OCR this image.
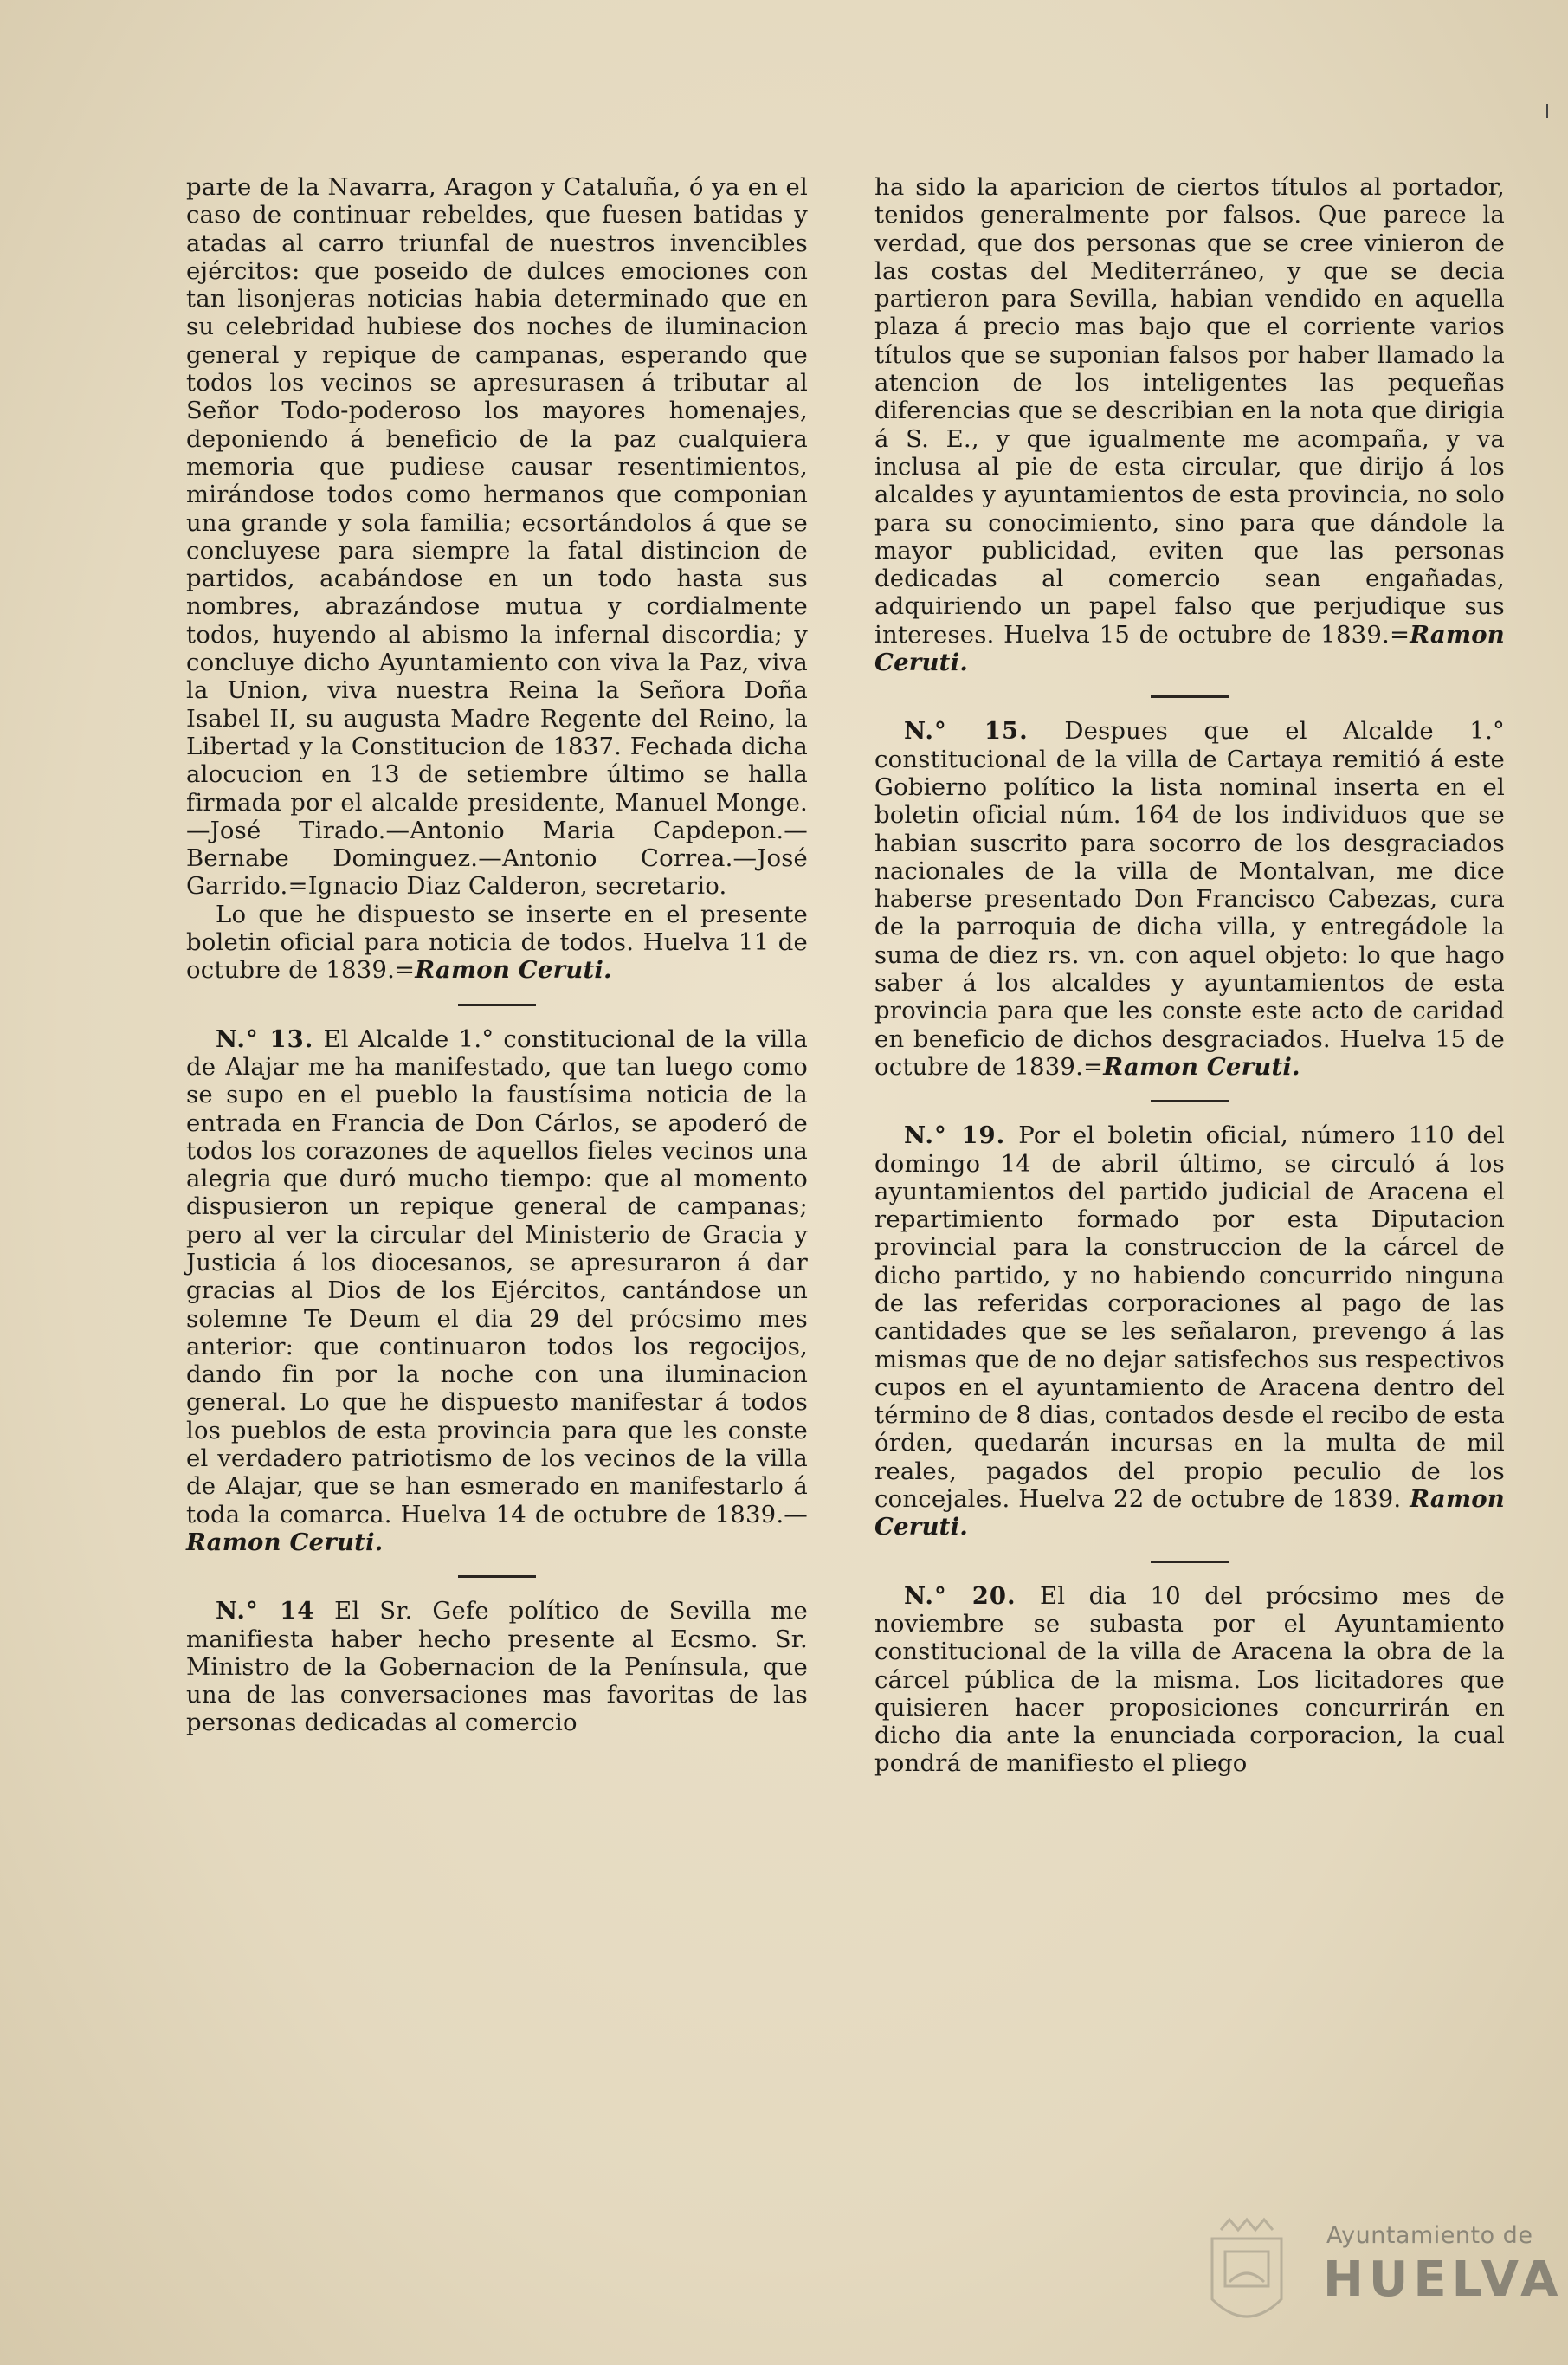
parte de la Navarra, Aragon y Cataluña, ó ya en el caso de continuar rebeldes, que fuesen batidas y atadas al carro triunfal de nuestros invencibles ejércitos: que poseido de dulces emociones con tan lisonjeras noticias habia determinado que en su celebridad hubiese dos noches de iluminacion general y repique de campanas, esperando que todos los vecinos se apresurasen á tributar al Señor Todo-poderoso los mayores homenajes, deponiendo á beneficio de la paz cualquiera memoria que pudiese causar resentimientos, mirándose todos como hermanos que componian una grande y sola familia; ecsortándolos á que se concluyese para siempre la fatal distincion de partidos, acabándose en un todo hasta sus nombres, abrazándose mutua y cordialmente todos, huyendo al abismo la infernal discordia; y concluye dicho Ayuntamiento con viva la Paz, viva la Union, viva nuestra Reina la Señora Doña Isabel II, su augusta Madre Regente del Reino, la Libertad y la Constitucion de 1837. Fechada dicha alocucion en 13 de setiembre último se halla firmada por el alcalde presidente, Manuel Monge.—José Tirado.—Antonio Maria Capdepon.—Bernabe Dominguez.—Antonio Correa.—José Garrido.=Ignacio Diaz Calderon, secretario.

Lo que he dispuesto se inserte en el presente boletin oficial para noticia de todos. Huelva 11 de octubre de 1839.=Ramon Ceruti.

N.° 13. El Alcalde 1.° constitucional de la villa de Alajar me ha manifestado, que tan luego como se supo en el pueblo la faustísima noticia de la entrada en Francia de Don Cárlos, se apoderó de todos los corazones de aquellos fieles vecinos una alegria que duró mucho tiempo: que al momento dispusieron un repique general de campanas; pero al ver la circular del Ministerio de Gracia y Justicia á los diocesanos, se apresuraron á dar gracias al Dios de los Ejércitos, cantándose un solemne Te Deum el dia 29 del prócsimo mes anterior: que continuaron todos los regocijos, dando fin por la noche con una iluminacion general. Lo que he dispuesto manifestar á todos los pueblos de esta provincia para que les conste el verdadero patriotismo de los vecinos de la villa de Alajar, que se han esmerado en manifestarlo á toda la comarca. Huelva 14 de octubre de 1839.—Ramon Ceruti.

N.° 14 El Sr. Gefe político de Sevilla me manifiesta haber hecho presente al Ecsmo. Sr. Ministro de la Gobernacion de la Península, que una de las conversaciones mas favoritas de las personas dedicadas al comercio

ha sido la aparicion de ciertos títulos al portador, tenidos generalmente por falsos. Que parece la verdad, que dos personas que se cree vinieron de las costas del Mediterráneo, y que se decia partieron para Sevilla, habian vendido en aquella plaza á precio mas bajo que el corriente varios títulos que se suponian falsos por haber llamado la atencion de los inteligentes las pequeñas diferencias que se describian en la nota que dirigia á S. E., y que igualmente me acompaña, y va inclusa al pie de esta circular, que dirijo á los alcaldes y ayuntamientos de esta provincia, no solo para su conocimiento, sino para que dándole la mayor publicidad, eviten que las personas dedicadas al comercio sean engañadas, adquiriendo un papel falso que perjudique sus intereses. Huelva 15 de octubre de 1839.=Ramon Ceruti.

N.° 15. Despues que el Alcalde 1.° constitucional de la villa de Cartaya remitió á este Gobierno político la lista nominal inserta en el boletin oficial núm. 164 de los individuos que se habian suscrito para socorro de los desgraciados nacionales de la villa de Montalvan, me dice haberse presentado Don Francisco Cabezas, cura de la parroquia de dicha villa, y entregádole la suma de diez rs. vn. con aquel objeto: lo que hago saber á los alcaldes y ayuntamientos de esta provincia para que les conste este acto de caridad en beneficio de dichos desgraciados. Huelva 15 de octubre de 1839.=Ramon Ceruti.

N.° 19. Por el boletin oficial, número 110 del domingo 14 de abril último, se circuló á los ayuntamientos del partido judicial de Aracena el repartimiento formado por esta Diputacion provincial para la construccion de la cárcel de dicho partido, y no habiendo concurrido ninguna de las referidas corporaciones al pago de las cantidades que se les señalaron, prevengo á las mismas que de no dejar satisfechos sus respectivos cupos en el ayuntamiento de Aracena dentro del término de 8 dias, contados desde el recibo de esta órden, quedarán incursas en la multa de mil reales, pagados del propio peculio de los concejales. Huelva 22 de octubre de 1839. Ramon Ceruti.

N.° 20. El dia 10 del prócsimo mes de noviembre se subasta por el Ayuntamiento constitucional de la villa de Aracena la obra de la cárcel pública de la misma. Los licitadores que quisieren hacer proposiciones concurrirán en dicho dia ante la enunciada corporacion, la cual pondrá de manifiesto el pliego

Ayuntamiento de
HUELVA
